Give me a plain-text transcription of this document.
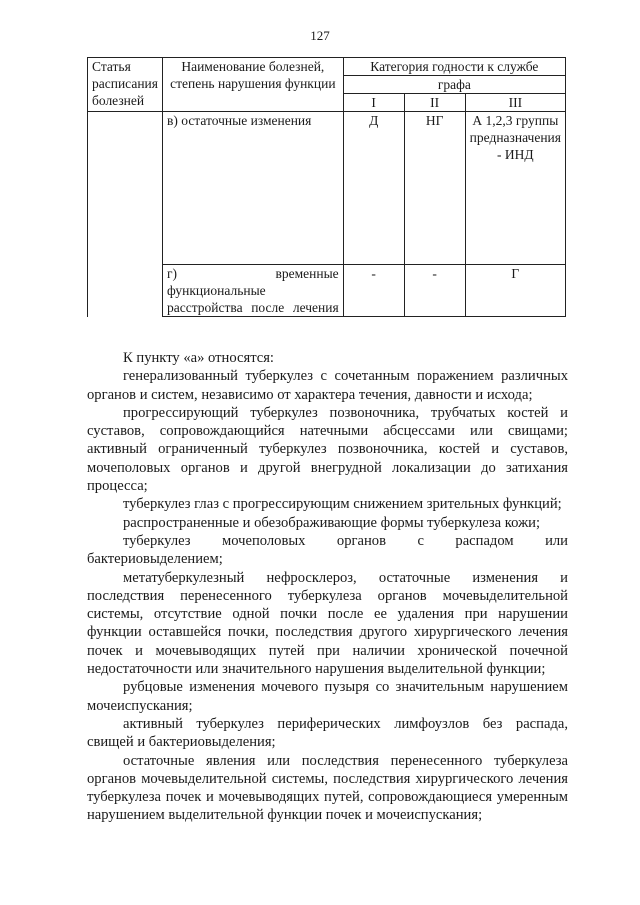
127
Статья расписания болезней	Наименование болезней, степень нарушения функции	Категория годности к службе		
		графа		
		I	II	III
	в) остаточные изменения	Д	НГ	А 1,2,3 группы предназначения - ИНД
	г) временные функциональные расстройства после лечения	-	-	Г

К пункту «а» относятся:

генерализованный туберкулез с сочетанным поражением различных органов и систем, независимо от характера течения, давности и исхода;

прогрессирующий туберкулез позвоночника, трубчатых костей и суставов, сопровождающийся натечными абсцессами или свищами; активный ограниченный туберкулез позвоночника, костей и суставов, мочеполовых органов и другой внегрудной локализации до затихания процесса;

туберкулез глаз с прогрессирующим снижением зрительных функций;

распространенные и обезображивающие формы туберкулеза кожи;

туберкулез мочеполовых органов с распадом или бактериовыделением;

метатуберкулезный нефросклероз, остаточные изменения и последствия перенесенного туберкулеза органов мочевыделительной системы, отсутствие одной почки после ее удаления при нарушении функции оставшейся почки, последствия другого хирургического лечения почек и мочевыводящих путей при наличии хронической почечной недостаточности или значительного нарушения выделительной функции;

рубцовые изменения мочевого пузыря со значительным нарушением мочеиспускания;

активный туберкулез периферических лимфоузлов без распада, свищей и бактериовыделения;

остаточные явления или последствия перенесенного туберкулеза органов мочевыделительной системы, последствия хирургического лечения туберкулеза почек и мочевыводящих путей, сопровождающиеся умеренным нарушением выделительной функции почек и мочеиспускания;
